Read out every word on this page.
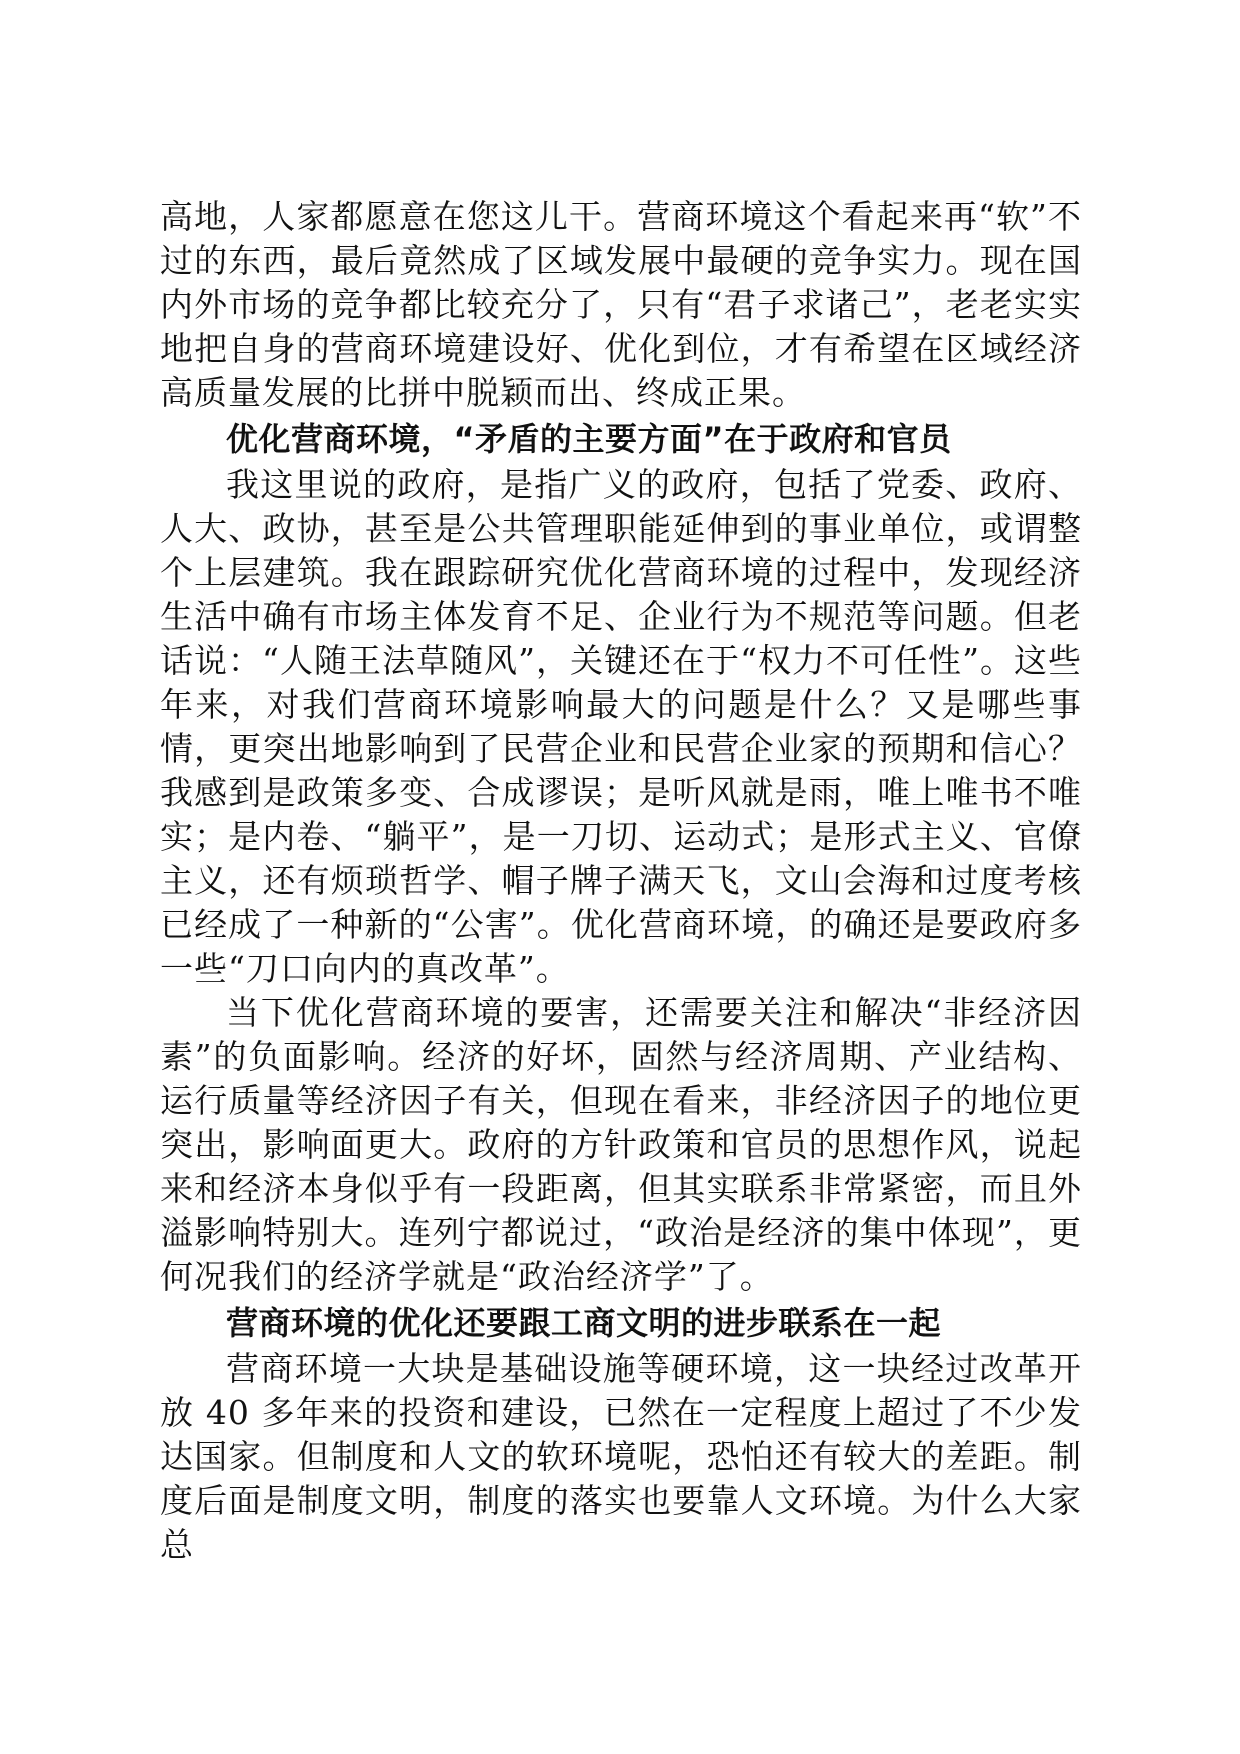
高地，人家都愿意在您这儿干。营商环境这个看起来再“软”不过的东西，最后竟然成了区域发展中最硬的竞争实力。现在国内外市场的竞争都比较充分了，只有“君子求诸己”，老老实实地把自身的营商环境建设好、优化到位，才有希望在区域经济高质量发展的比拼中脱颖而出、终成正果。

优化营商环境，“矛盾的主要方面”在于政府和官员

我这里说的政府，是指广义的政府，包括了党委、政府、人大、政协，甚至是公共管理职能延伸到的事业单位，或谓整个上层建筑。我在跟踪研究优化营商环境的过程中，发现经济生活中确有市场主体发育不足、企业行为不规范等问题。但老话说：“人随王法草随风”，关键还在于“权力不可任性”。这些年来，对我们营商环境影响最大的问题是什么？又是哪些事情，更突出地影响到了民营企业和民营企业家的预期和信心？我感到是政策多变、合成谬误；是听风就是雨，唯上唯书不唯实；是内卷、“躺平”，是一刀切、运动式；是形式主义、官僚主义，还有烦琐哲学、帽子牌子满天飞，文山会海和过度考核已经成了一种新的“公害”。优化营商环境，的确还是要政府多一些“刀口向内的真改革”。

当下优化营商环境的要害，还需要关注和解决“非经济因素”的负面影响。经济的好坏，固然与经济周期、产业结构、运行质量等经济因子有关，但现在看来，非经济因子的地位更突出，影响面更大。政府的方针政策和官员的思想作风，说起来和经济本身似乎有一段距离，但其实联系非常紧密，而且外溢影响特别大。连列宁都说过，“政治是经济的集中体现”，更何况我们的经济学就是“政治经济学”了。

营商环境的优化还要跟工商文明的进步联系在一起

营商环境一大块是基础设施等硬环境，这一块经过改革开放 40 多年来的投资和建设，已然在一定程度上超过了不少发达国家。但制度和人文的软环境呢，恐怕还有较大的差距。制度后面是制度文明，制度的落实也要靠人文环境。为什么大家总
